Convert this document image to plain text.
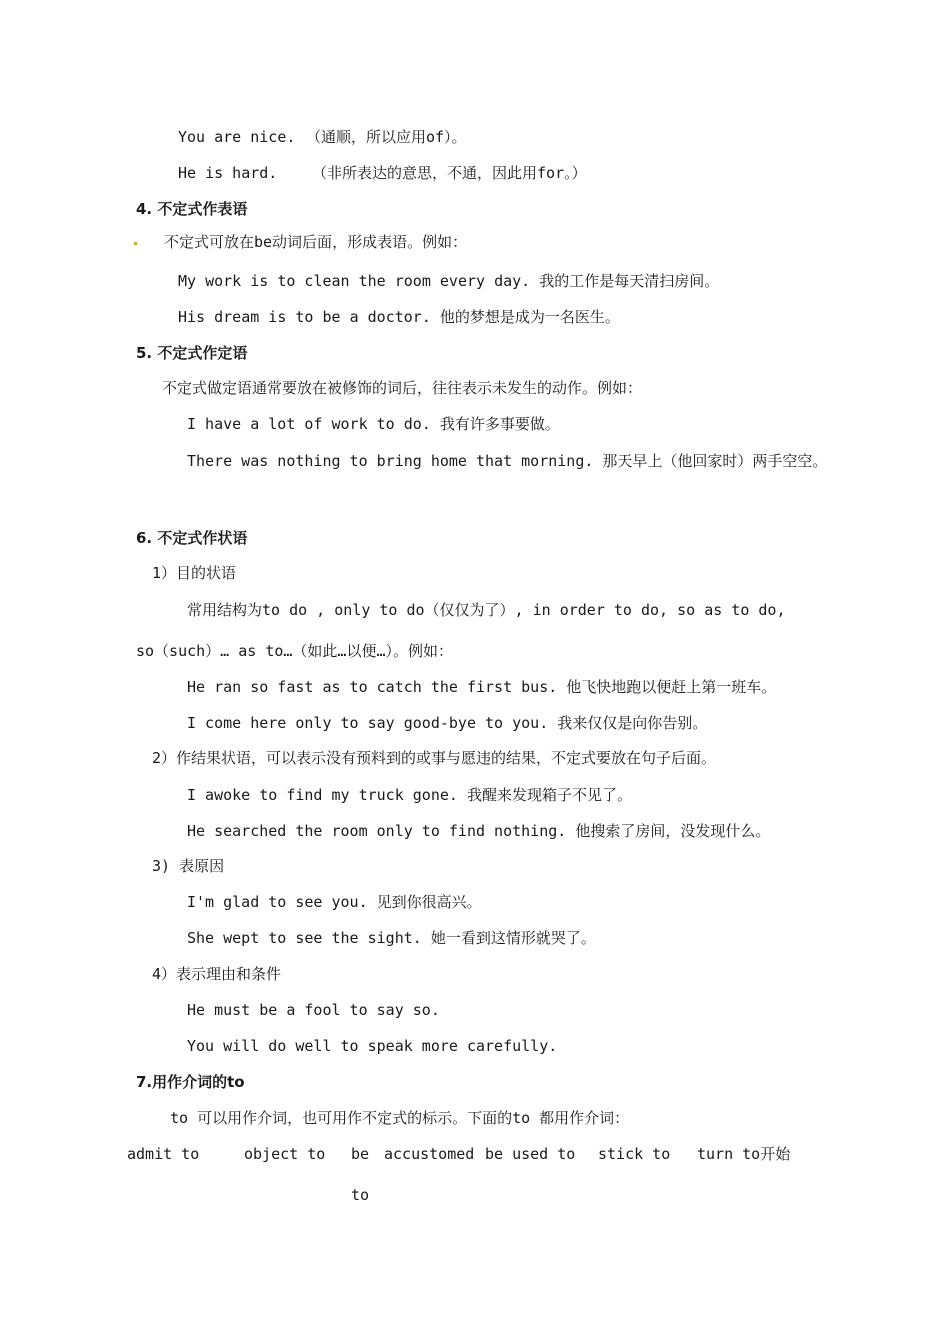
You are nice. （通顺，所以应用of）。
He is hard. （非所表达的意思，不通，因此用for。）
4. 不定式作表语
不定式可放在be动词后面，形成表语。例如：
My work is to clean the room every day. 我的工作是每天清扫房间。
His dream is to be a doctor. 他的梦想是成为一名医生。
5. 不定式作定语
不定式做定语通常要放在被修饰的词后，往往表示未发生的动作。例如：
I have a lot of work to do. 我有许多事要做。
There was nothing to bring home that morning. 那天早上（他回家时）两手空空。
6. 不定式作状语
1）目的状语
常用结构为to do , only to do（仅仅为了）, in order to do, so as to do,
so（such）… as to…（如此…以便…）。例如：
He ran so fast as to catch the first bus. 他飞快地跑以便赶上第一班车。
I come here only to say good-bye to you. 我来仅仅是向你告别。
2）作结果状语，可以表示没有预料到的或事与愿违的结果，不定式要放在句子后面。
I awoke to find my truck gone. 我醒来发现箱子不见了。
He searched the room only to find nothing. 他搜索了房间，没发现什么。
3) 表原因
I'm glad to see you. 见到你很高兴。
She wept to see the sight. 她一看到这情形就哭了。
4）表示理由和条件
He must be a fool to say so.
You will do well to speak more carefully.
7.用作介词的to
to 可以用作介词，也可用作不定式的标示。下面的to 都用作介词：
admit to	object to be accustomed be used to stick to turn to开始
to
